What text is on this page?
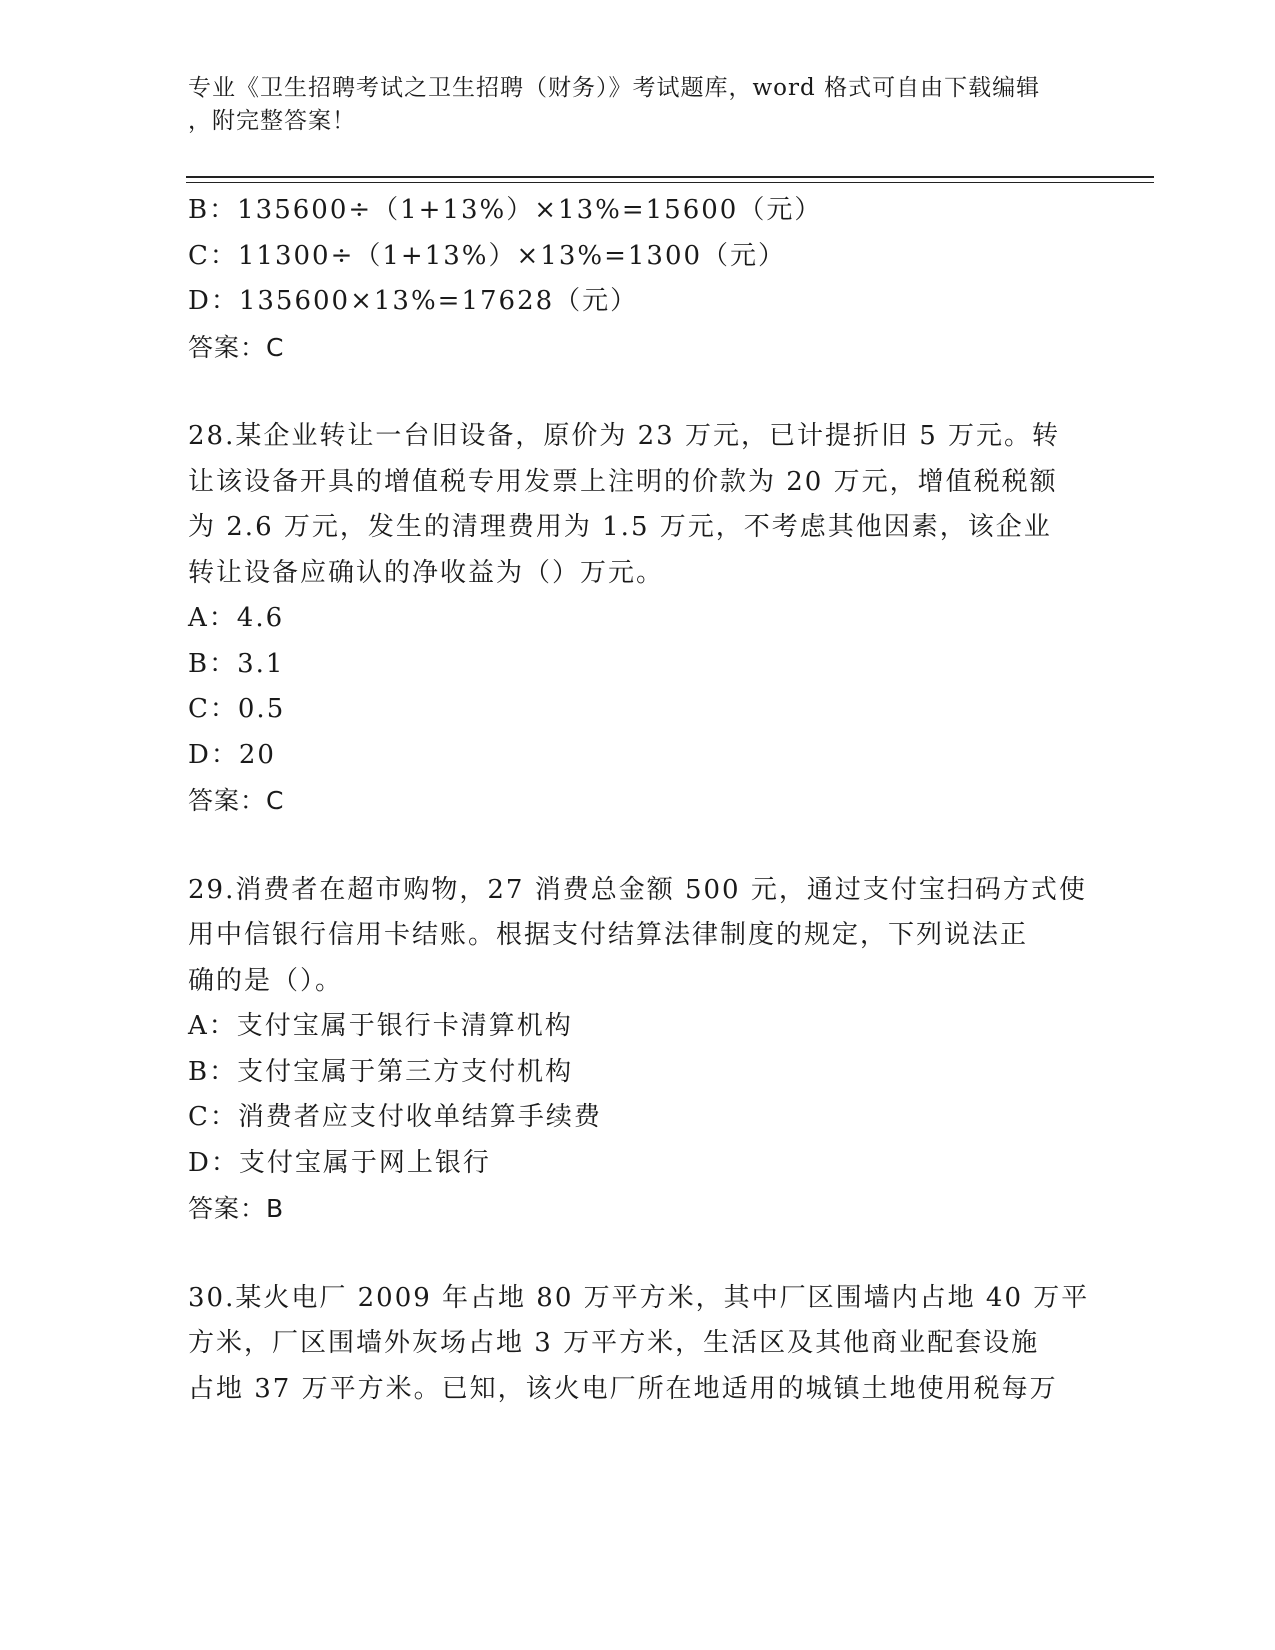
专业《卫生招聘考试之卫生招聘（财务）》考试题库，word 格式可自由下载编辑
，附完整答案！
B：135600÷（1+13%）×13%=15600（元）
C：11300÷（1+13%）×13%=1300（元）
D：135600×13%=17628（元）
答案：C
28.某企业转让一台旧设备，原价为 23 万元，已计提折旧 5 万元。转
让该设备开具的增值税专用发票上注明的价款为 20 万元，增值税税额
为 2.6 万元，发生的清理费用为 1.5 万元，不考虑其他因素，该企业
转让设备应确认的净收益为（）万元。
A：4.6
B：3.1
C：0.5
D：20
答案：C
29.消费者在超市购物，27 消费总金额 500 元，通过支付宝扫码方式使
用中信银行信用卡结账。根据支付结算法律制度的规定，下列说法正
确的是（）。
A：支付宝属于银行卡清算机构
B：支付宝属于第三方支付机构
C：消费者应支付收单结算手续费
D：支付宝属于网上银行
答案：B
30.某火电厂 2009 年占地 80 万平方米，其中厂区围墙内占地 40 万平
方米，厂区围墙外灰场占地 3 万平方米，生活区及其他商业配套设施
占地 37 万平方米。已知，该火电厂所在地适用的城镇土地使用税每万
